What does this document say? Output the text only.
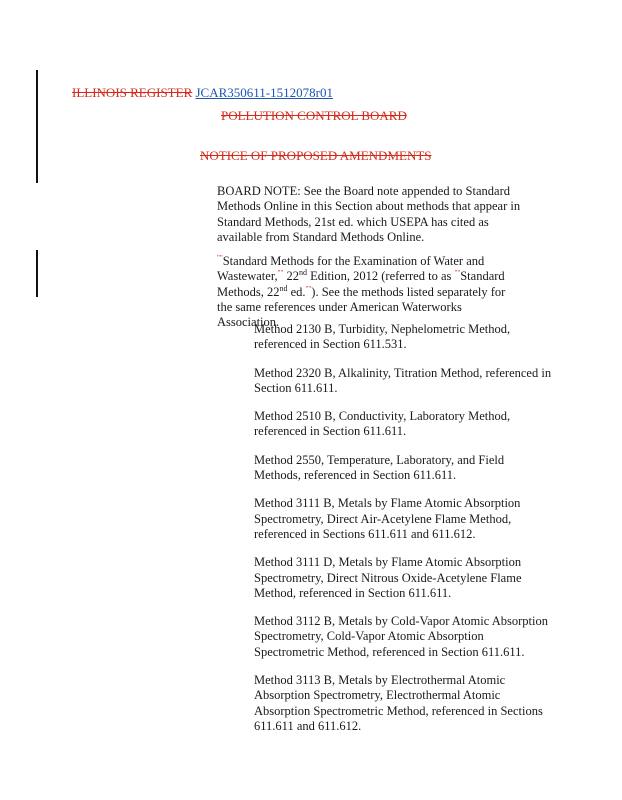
ILLINOIS REGISTER JCAR350611-1512078r01
POLLUTION CONTROL BOARD
NOTICE OF PROPOSED AMENDMENTS
BOARD NOTE: See the Board note appended to Standard Methods Online in this Section about methods that appear in Standard Methods, 21st ed. which USEPA has cited as available from Standard Methods Online.
""Standard Methods for the Examination of Water and Wastewater,"" 22nd Edition, 2012 (referred to as ""Standard Methods, 22nd ed.""). See the methods listed separately for the same references under American Waterworks Association.
Method 2130 B, Turbidity, Nephelometric Method, referenced in Section 611.531.
Method 2320 B, Alkalinity, Titration Method, referenced in Section 611.611.
Method 2510 B, Conductivity, Laboratory Method, referenced in Section 611.611.
Method 2550, Temperature, Laboratory, and Field Methods, referenced in Section 611.611.
Method 3111 B, Metals by Flame Atomic Absorption Spectrometry, Direct Air-Acetylene Flame Method, referenced in Sections 611.611 and 611.612.
Method 3111 D, Metals by Flame Atomic Absorption Spectrometry, Direct Nitrous Oxide-Acetylene Flame Method, referenced in Section 611.611.
Method 3112 B, Metals by Cold-Vapor Atomic Absorption Spectrometry, Cold-Vapor Atomic Absorption Spectrometric Method, referenced in Section 611.611.
Method 3113 B, Metals by Electrothermal Atomic Absorption Spectrometry, Electrothermal Atomic Absorption Spectrometric Method, referenced in Sections 611.611 and 611.612.
